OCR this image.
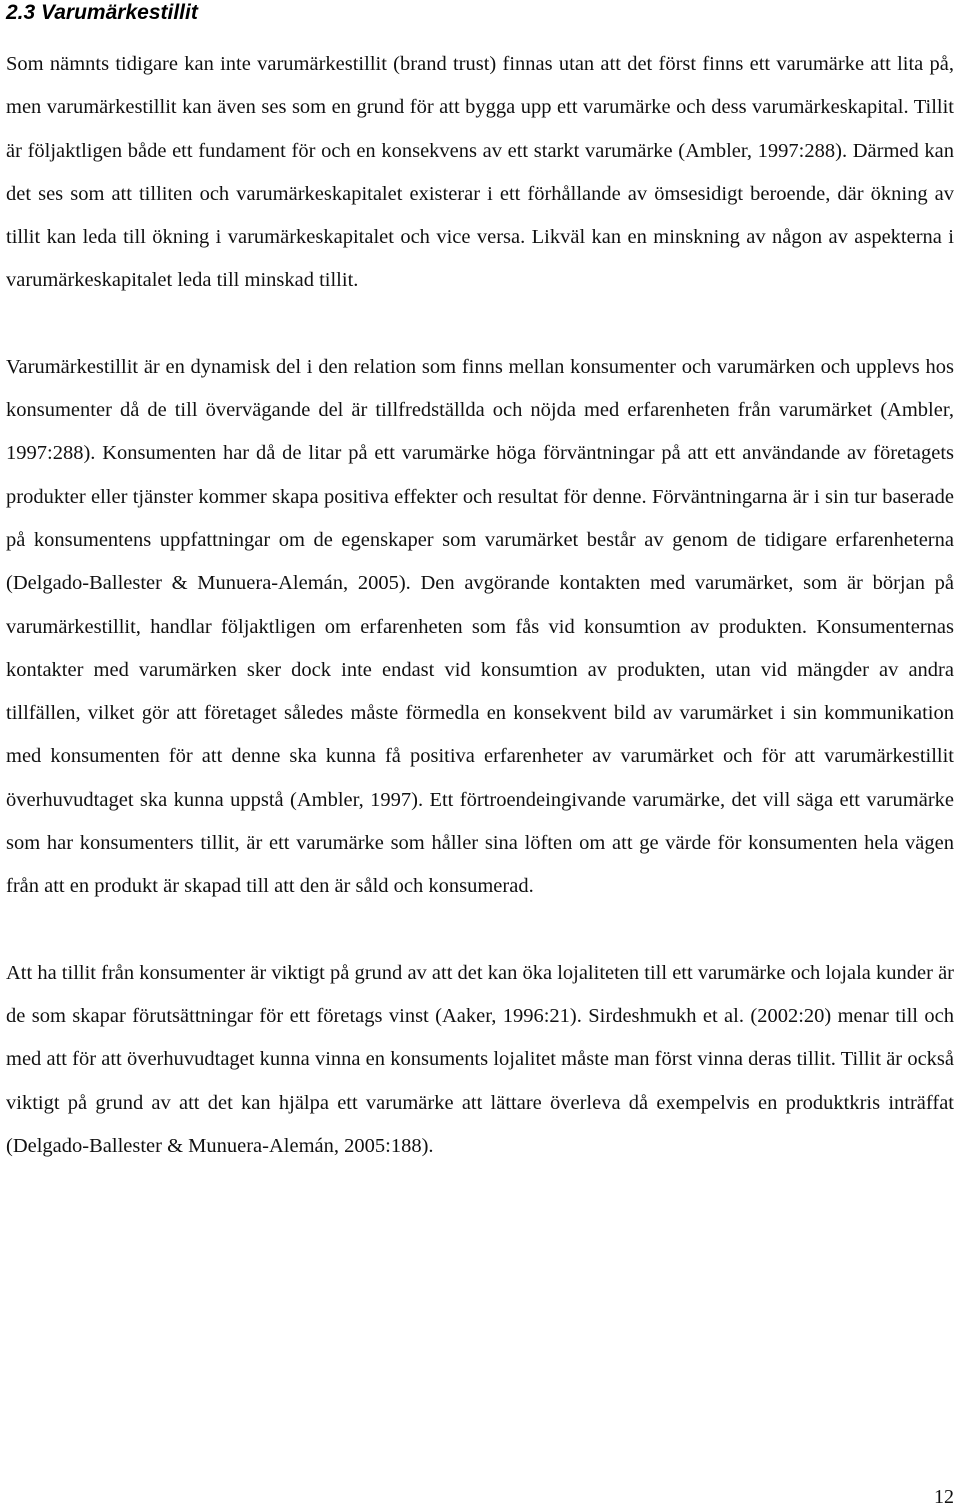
2.3 Varumärkestillit

Som nämnts tidigare kan inte varumärkestillit (brand trust) finnas utan att det först finns ett varumärke att lita på, men varumärkestillit kan även ses som en grund för att bygga upp ett varumärke och dess varumärkeskapital. Tillit är följaktligen både ett fundament för och en konsekvens av ett starkt varumärke (Ambler, 1997:288). Därmed kan det ses som att tilliten och varumärkeskapitalet existerar i ett förhållande av ömsesidigt beroende, där ökning av tillit kan leda till ökning i varumärkeskapitalet och vice versa. Likväl kan en minskning av någon av aspekterna i varumärkeskapitalet leda till minskad tillit.

Varumärkestillit är en dynamisk del i den relation som finns mellan konsumenter och varumärken och upplevs hos konsumenter då de till övervägande del är tillfredställda och nöjda med erfarenheten från varumärket (Ambler, 1997:288). Konsumenten har då de litar på ett varumärke höga förväntningar på att ett användande av företagets produkter eller tjänster kommer skapa positiva effekter och resultat för denne. Förväntningarna är i sin tur baserade på konsumentens uppfattningar om de egenskaper som varumärket består av genom de tidigare erfarenheterna (Delgado-Ballester & Munuera-Alemán, 2005). Den avgörande kontakten med varumärket, som är början på varumärkestillit, handlar följaktligen om erfarenheten som fås vid konsumtion av produkten. Konsumenternas kontakter med varumärken sker dock inte endast vid konsumtion av produkten, utan vid mängder av andra tillfällen, vilket gör att företaget således måste förmedla en konsekvent bild av varumärket i sin kommunikation med konsumenten för att denne ska kunna få positiva erfarenheter av varumärket och för att varumärkestillit överhuvudtaget ska kunna uppstå (Ambler, 1997). Ett förtroendeingivande varumärke, det vill säga ett varumärke som har konsumenters tillit, är ett varumärke som håller sina löften om att ge värde för konsumenten hela vägen från att en produkt är skapad till att den är såld och konsumerad.

Att ha tillit från konsumenter är viktigt på grund av att det kan öka lojaliteten till ett varumärke och lojala kunder är de som skapar förutsättningar för ett företags vinst (Aaker, 1996:21). Sirdeshmukh et al. (2002:20) menar till och med att för att överhuvudtaget kunna vinna en konsuments lojalitet måste man först vinna deras tillit. Tillit är också viktigt på grund av att det kan hjälpa ett varumärke att lättare överleva då exempelvis en produktkris inträffat (Delgado-Ballester & Munuera-Alemán, 2005:188).

12
